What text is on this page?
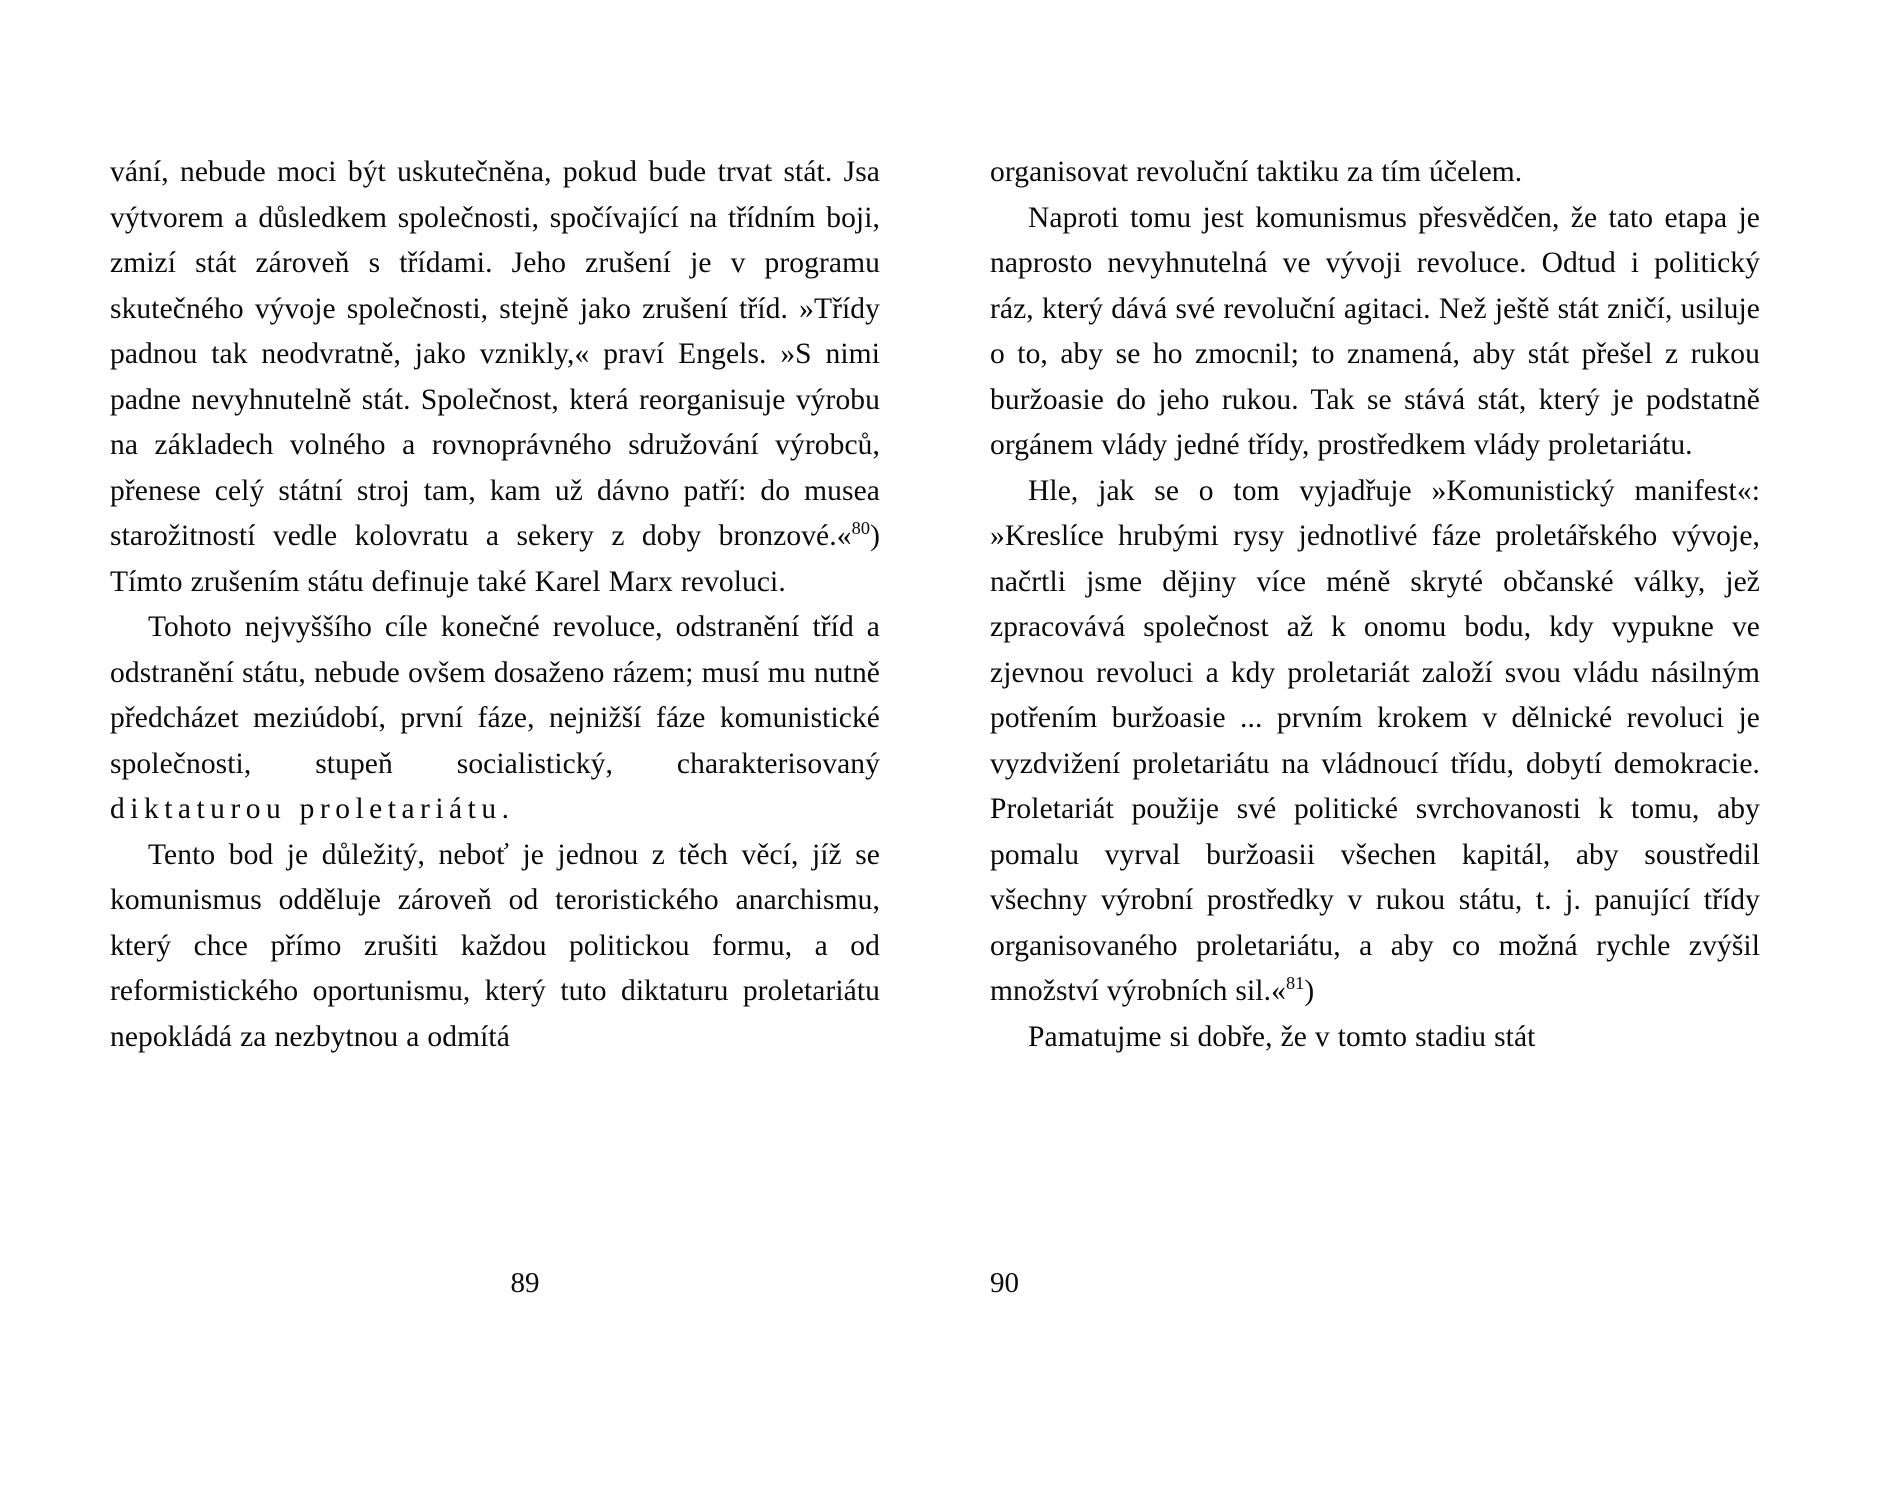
vání, nebude moci být uskutečněna, pokud bude trvat stát. Jsa výtvorem a důsledkem společnosti, spočívající na třídním boji, zmizí stát zároveň s třídami. Jeho zrušení je v programu skutečného vývoje společnosti, stejně jako zrušení tříd. »Třídy padnou tak neodvratně, jako vznikly,« praví Engels. »S nimi padne nevyhnutelně stát. Společnost, která reorganisuje výrobu na základech volného a rovnoprávného sdružování výrobců, přenese celý státní stroj tam, kam už dávno patří: do musea starožitností vedle kolovratu a sekery z doby bronzové.«$^{80}$) Tímto zrušením státu definuje také Karel Marx revoluci.

Tohoto nejvyššího cíle konečné revoluce, odstranění tříd a odstranění státu, nebude ovšem dosaženo rázem; musí mu nutně předcházet meziúdobí, první fáze, nejnižší fáze komunistické společnosti, stupeň socialistický, charakterisovaný diktaturou proletariátu.

Tento bod je důležitý, neboť je jednou z těch věcí, jíž se komunismus odděluje zároveň od teroristického anarchismu, který chce přímo zrušiti každou politickou formu, a od reformistického oportunismu, který tuto diktaturu proletariátu nepokládá za nezbytnou a odmítá

89

organisovat revoluční taktiku za tím účelem.

Naproti tomu jest komunismus přesvědčen, že tato etapa je naprosto nevyhnutelná ve vývoji revoluce. Odtud i politický ráz, který dává své revoluční agitaci. Než ještě stát zničí, usiluje o to, aby se ho zmocnil; to znamená, aby stát přešel z rukou buržoasie do jeho rukou. Tak se stává stát, který je podstatně orgánem vlády jedné třídy, prostředkem vlády proletariátu.

Hle, jak se o tom vyjadřuje »Komunistický manifest«: »Kreslíce hrubými rysy jednotlivé fáze proletářského vývoje, načrtli jsme dějiny více méně skryté občanské války, jež zpracovává společnost až k onomu bodu, kdy vypukne ve zjevnou revoluci a kdy proletariát založí svou vládu násilným potřením buržoasie ... prvním krokem v dělnické revoluci je vyzdvižení proletariátu na vládnoucí třídu, dobytí demokracie. Proletariát použije své politické svrchovanosti k tomu, aby pomalu vyrval buržoasii všechen kapitál, aby soustředil všechny výrobní prostředky v rukou státu, t. j. panující třídy organisovaného proletariátu, a aby co možná rychle zvýšil množství výrobních sil.«$^{81}$)

Pamatujme si dobře, že v tomto stadiu stát

90
